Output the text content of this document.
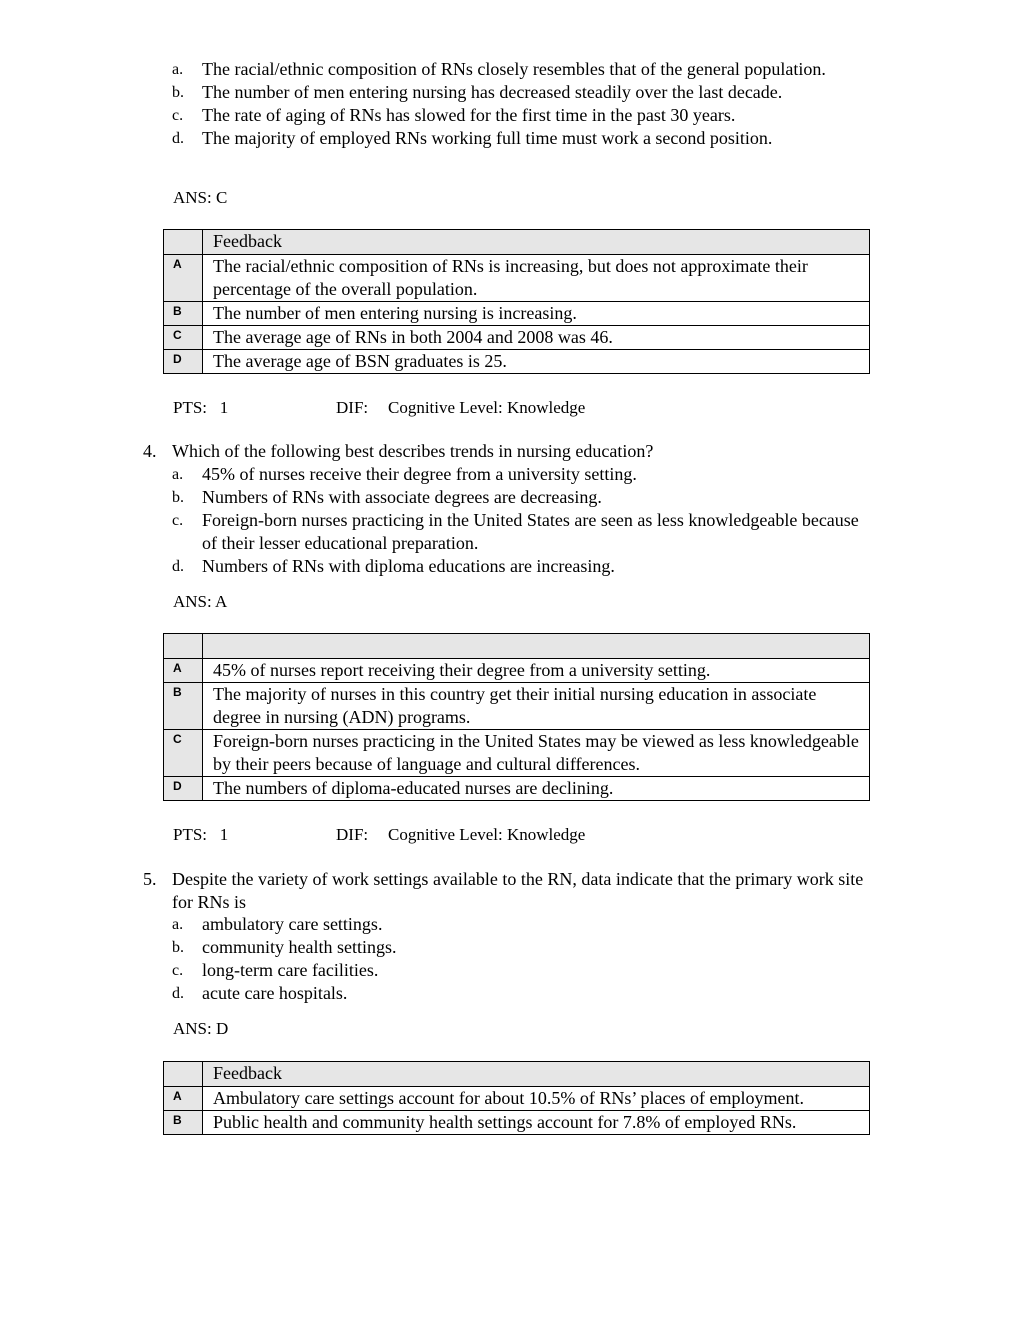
a.	The racial/ethnic composition of RNs closely resembles that of the general population.
b.	The number of men entering nursing has decreased steadily over the last decade.
c.	The rate of aging of RNs has slowed for the first time in the past 30 years.
d.	The majority of employed RNs working full time must work a second position.
ANS: C
	Feedback
A	The racial/ethnic composition of RNs is increasing, but does not approximate their percentage of the overall population.
B	The number of men entering nursing is increasing.
C	The average age of RNs in both 2004 and 2008 was 46.
D	The average age of BSN graduates is 25.
PTS: 1	DIF: Cognitive Level: Knowledge
4. Which of the following best describes trends in nursing education?
a.	45% of nurses receive their degree from a university setting.
b.	Numbers of RNs with associate degrees are decreasing.
c.	Foreign-born nurses practicing in the United States are seen as less knowledgeable because of their lesser educational preparation.
d.	Numbers of RNs with diploma educations are increasing.
ANS: A

A	45% of nurses report receiving their degree from a university setting.
B	The majority of nurses in this country get their initial nursing education in associate degree in nursing (ADN) programs.
C	Foreign-born nurses practicing in the United States may be viewed as less knowledgeable by their peers because of language and cultural differences.
D	The numbers of diploma-educated nurses are declining.
PTS: 1	DIF: Cognitive Level: Knowledge
5. Despite the variety of work settings available to the RN, data indicate that the primary work site for RNs is
a.	ambulatory care settings.
b.	community health settings.
c.	long-term care facilities.
d.	acute care hospitals.
ANS: D
	Feedback
A	Ambulatory care settings account for about 10.5% of RNs’ places of employment.
B	Public health and community health settings account for 7.8% of employed RNs.
